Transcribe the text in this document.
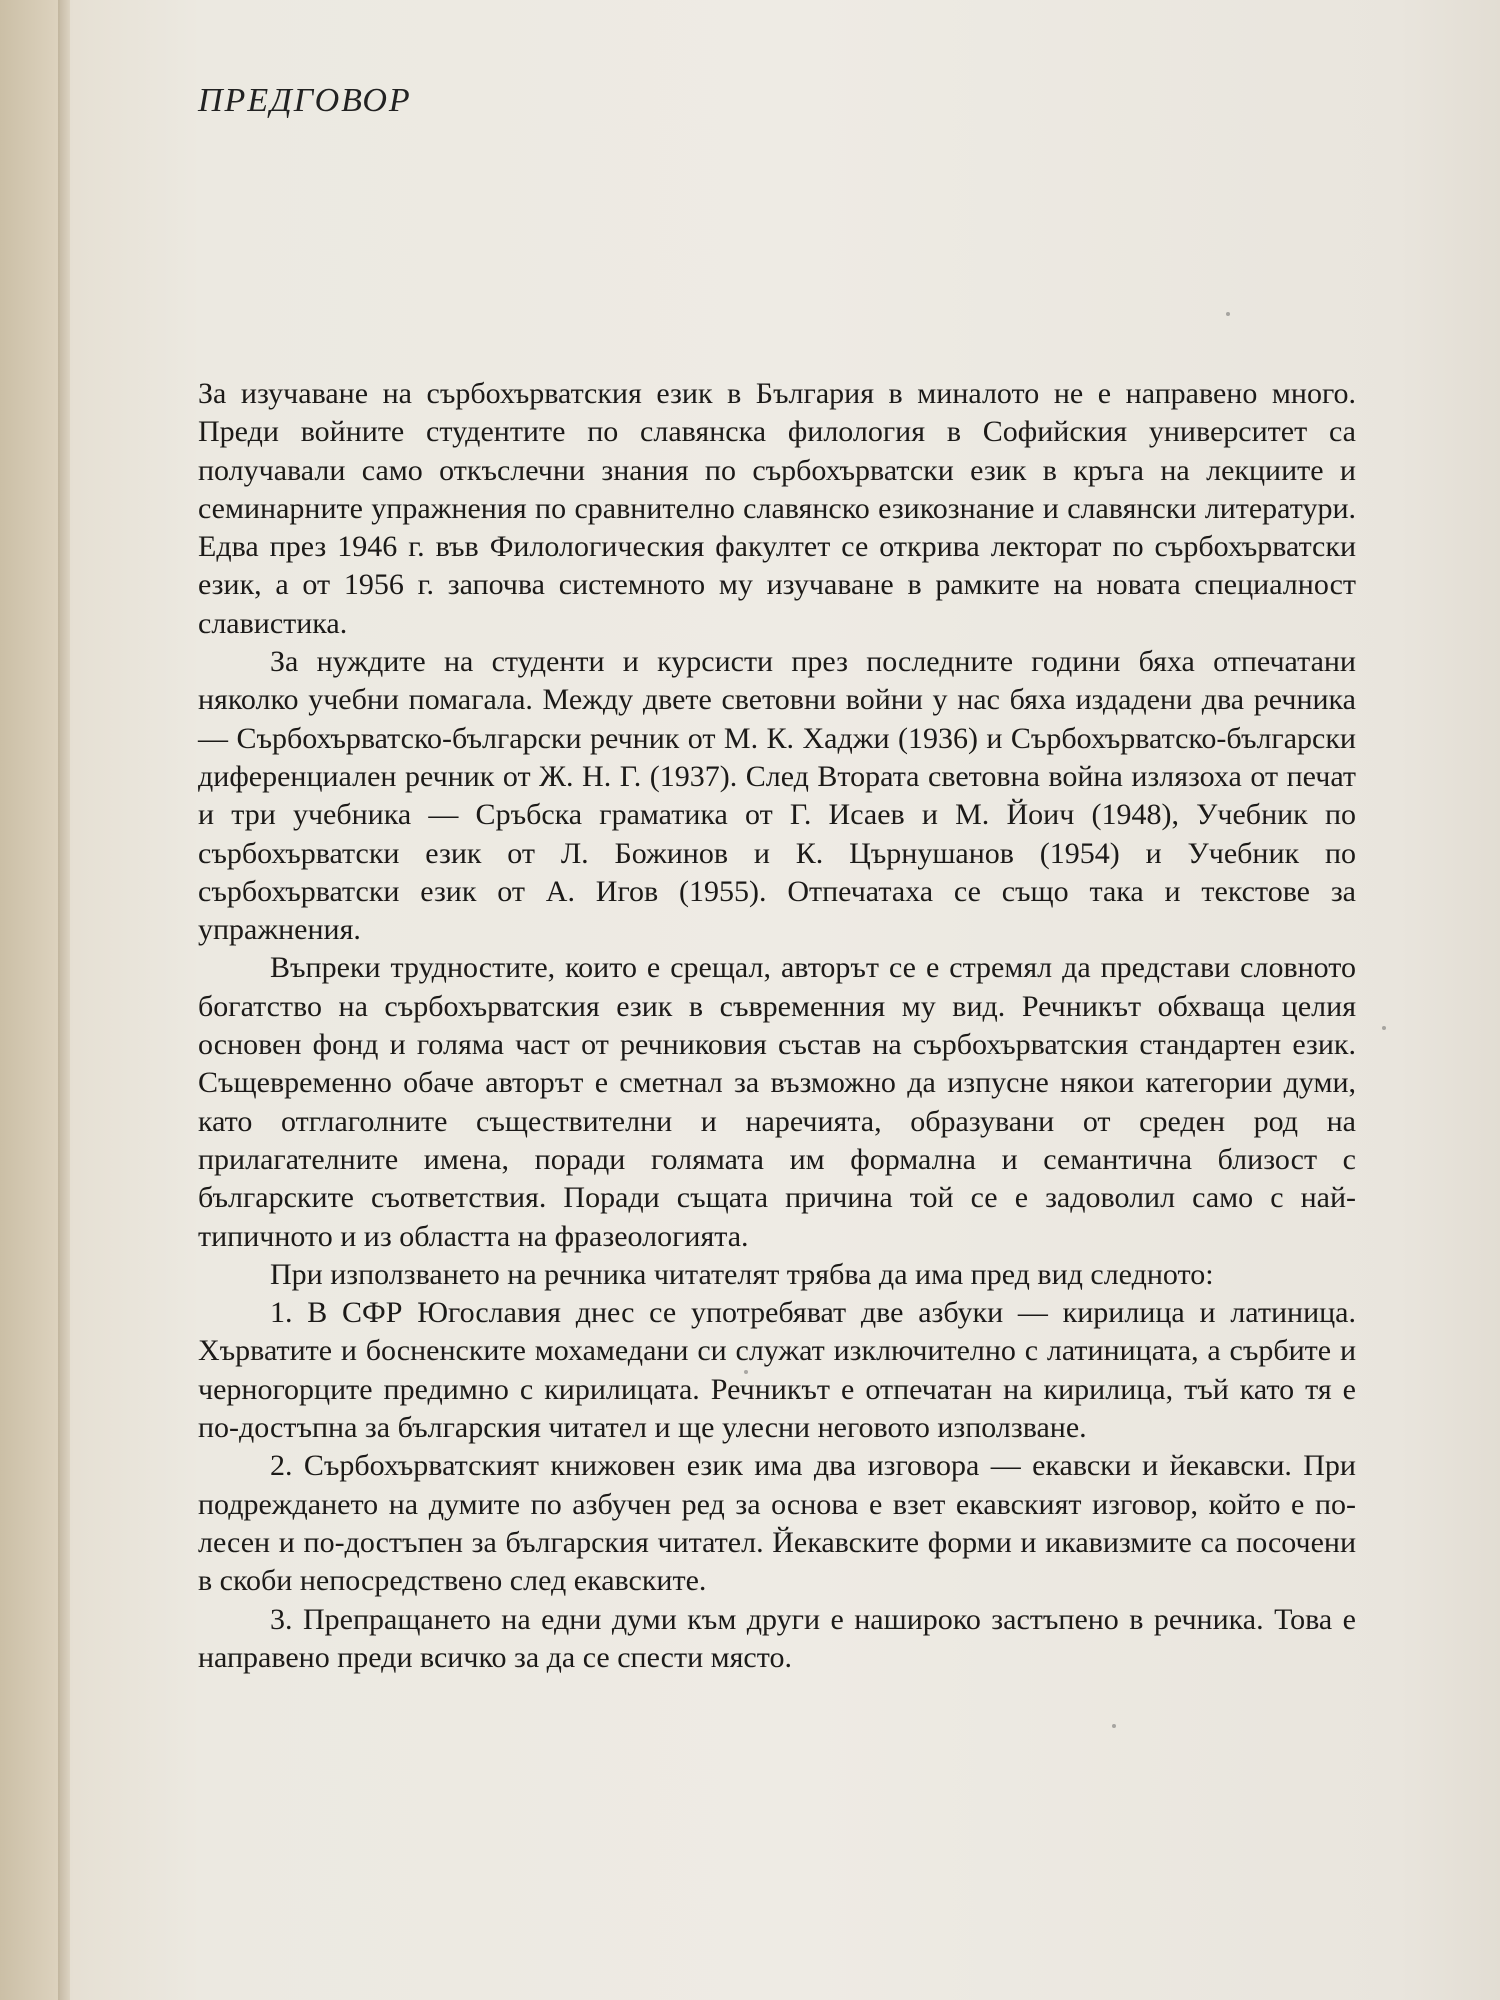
ПРЕДГОВОР

За изучаване на сърбохърватския език в България в миналото не е направено много. Преди войните студентите по славянска филология в Софийския университет са получавали само откъслечни знания по сърбохърватски език в кръга на лекциите и семинарните упражнения по сравнително славянско езикознание и славянски литератури. Едва през 1946 г. във Филологическия факултет се открива лекторат по сърбохърватски език, а от 1956 г. започва системното му изучаване в рамките на новата специалност славистика.

За нуждите на студенти и курсисти през последните години бяха отпечатани няколко учебни помагала. Между двете световни войни у нас бяха издадени два речника — Сърбохърватско-български речник от М. К. Хаджи (1936) и Сърбохърватско-български диференциален речник от Ж. Н. Г. (1937). След Втората световна война излязоха от печат и три учебника — Сръбска граматика от Г. Исаев и М. Йоич (1948), Учебник по сърбохърватски език от Л. Божинов и К. Църнушанов (1954) и Учебник по сърбохърватски език от А. Игов (1955). Отпечатаха се също така и текстове за упражнения.

Въпреки трудностите, които е срещал, авторът се е стремял да представи словното богатство на сърбохърватския език в съвременния му вид. Речникът обхваща целия основен фонд и голяма част от речниковия състав на сърбохърватския стандартен език. Същевременно обаче авторът е сметнал за възможно да изпусне някои категории думи, като отглаголните съществителни и наречията, образувани от среден род на прилагателните имена, поради голямата им формална и семантична близост с българските съответствия. Поради същата причина той се е задоволил само с най-типичното и из областта на фразеологията.

При използването на речника читателят трябва да има пред вид следното:

1. В СФР Югославия днес се употребяват две азбуки — кирилица и латиница. Хърватите и босненските мохамедани си служат изключително с латиницата, а сърбите и черногорците предимно с кирилицата. Речникът е отпечатан на кирилица, тъй като тя е по-достъпна за българския читател и ще улесни неговото използване.

2. Сърбохърватският книжовен език има два изговора — екавски и йекавски. При подреждането на думите по азбучен ред за основа е взет екавският изговор, който е по-лесен и по-достъпен за българския читател. Йекавските форми и икавизмите са посочени в скоби непосредствено след екавските.

3. Препращането на едни думи към други е нашироко застъпено в речника. Това е направено преди всичко за да се спести място.
